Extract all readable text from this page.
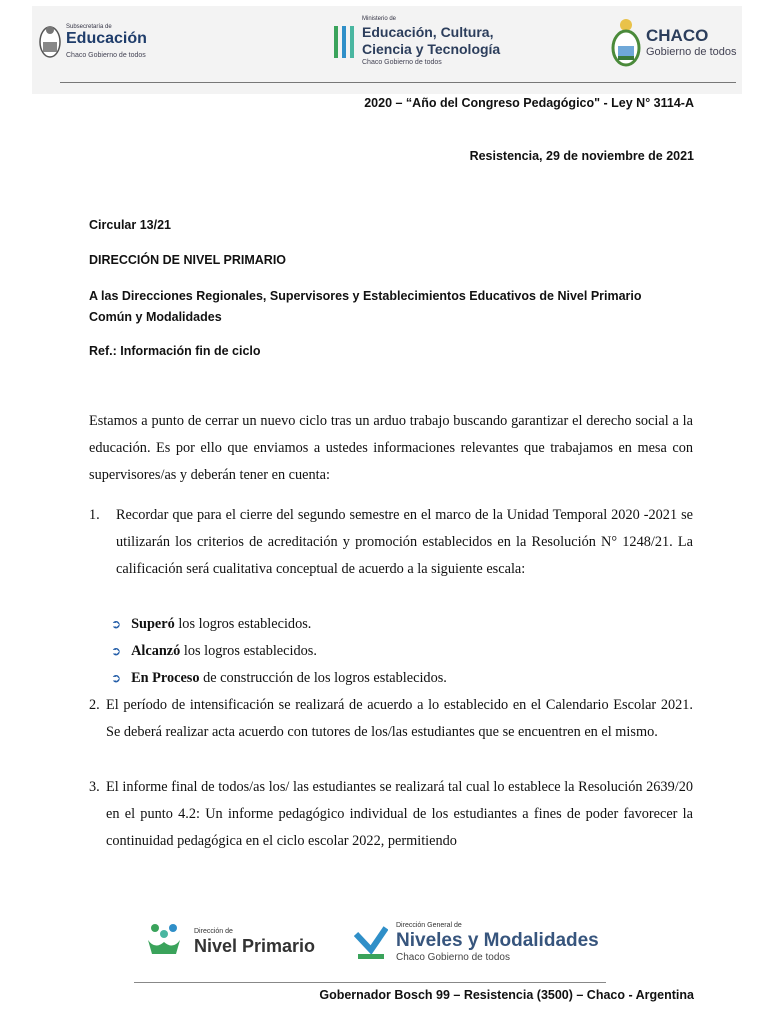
Subsecretaría de
Educación
Chaco Gobierno de todos
Ministerio de
Educación, Cultura,
Ciencia y Tecnología
Chaco Gobierno de todos
CHACO
Gobierno de todos
2020 – “Año del Congreso Pedagógico" - Ley N° 3114-A
Resistencia, 29 de noviembre de 2021
Circular 13/21
DIRECCIÓN DE NIVEL PRIMARIO
A las Direcciones Regionales, Supervisores y Establecimientos Educativos de Nivel Primario
Común y Modalidades
Ref.: Información fin de ciclo
Estamos a punto de cerrar un nuevo ciclo tras un arduo trabajo buscando garantizar el derecho social a la educación. Es por ello que enviamos a ustedes informaciones relevantes que trabajamos en mesa con supervisores/as y deberán tener en cuenta:
1. Recordar que para el cierre del segundo semestre en el marco de la Unidad Temporal 2020 -2021 se utilizarán los criterios de acreditación y promoción establecidos en la Resolución N° 1248/21. La calificación será cualitativa conceptual de acuerdo a la siguiente escala:
➲ Superó los logros establecidos.
➲ Alcanzó los logros establecidos.
➲ En Proceso de construcción de los logros establecidos.
2. El período de intensificación se realizará de acuerdo a lo establecido en el Calendario Escolar 2021. Se deberá realizar acta acuerdo con tutores de los/las estudiantes que se encuentren en el mismo.
3. El informe final de todos/as los/ las estudiantes se realizará tal cual lo establece la Resolución 2639/20 en el punto 4.2: Un informe pedagógico individual de los estudiantes a fines de poder favorecer la continuidad pedagógica en el ciclo escolar 2022, permitiendo
Dirección de
Nivel Primario
Dirección General de
Niveles y Modalidades
Chaco Gobierno de todos
Gobernador Bosch 99 – Resistencia (3500) – Chaco - Argentina
